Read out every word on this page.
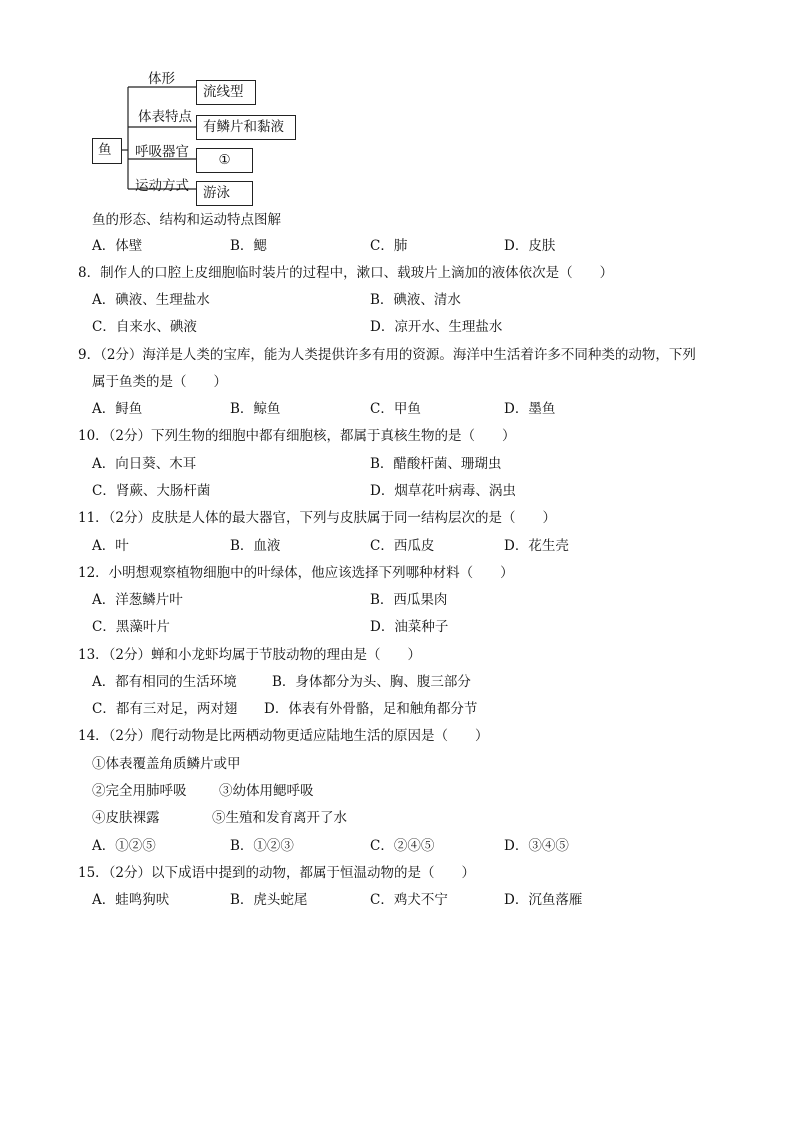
鱼
体形
体表特点
呼吸器官
运动方式
流线型
有鳞片和黏液
①
游泳
鱼的形态、结构和运动特点图解
A．体壁	B．鳃	C．肺	D．皮肤
8．制作人的口腔上皮细胞临时装片的过程中，漱口、载玻片上滴加的液体依次是（　　）
A．碘液、生理盐水	B．碘液、清水
C．自来水、碘液	D．凉开水、生理盐水
9．（2分）海洋是人类的宝库，能为人类提供许多有用的资源。海洋中生活着许多不同种类的动物，下列
属于鱼类的是（　　）
A．鲟鱼	B．鲸鱼	C．甲鱼	D．墨鱼
10．（2分）下列生物的细胞中都有细胞核，都属于真核生物的是（　　）
A．向日葵、木耳	B．醋酸杆菌、珊瑚虫
C．肾蕨、大肠杆菌	D．烟草花叶病毒、涡虫
11．（2分）皮肤是人体的最大器官，下列与皮肤属于同一结构层次的是（　　）
A．叶	B．血液	C．西瓜皮	D．花生壳
12．小明想观察植物细胞中的叶绿体，他应该选择下列哪种材料（　　）
A．洋葱鳞片叶	B．西瓜果肉
C．黑藻叶片	D．油菜种子
13．（2分）蝉和小龙虾均属于节肢动物的理由是（　　）
A．都有相同的生活环境	B．身体都分为头、胸、腹三部分
C．都有三对足，两对翅 D．体表有外骨骼，足和触角都分节
14．（2分）爬行动物是比两栖动物更适应陆地生活的原因是（　　）
①体表覆盖角质鳞片或甲
②完全用肺呼吸 ③幼体用鳃呼吸
④皮肤裸露	⑤生殖和发育离开了水
A．①②⑤	B．①②③	C．②④⑤	D．③④⑤
15．（2分）以下成语中提到的动物，都属于恒温动物的是（　　）
A．蛙鸣狗吠	B．虎头蛇尾	C．鸡犬不宁	D．沉鱼落雁
